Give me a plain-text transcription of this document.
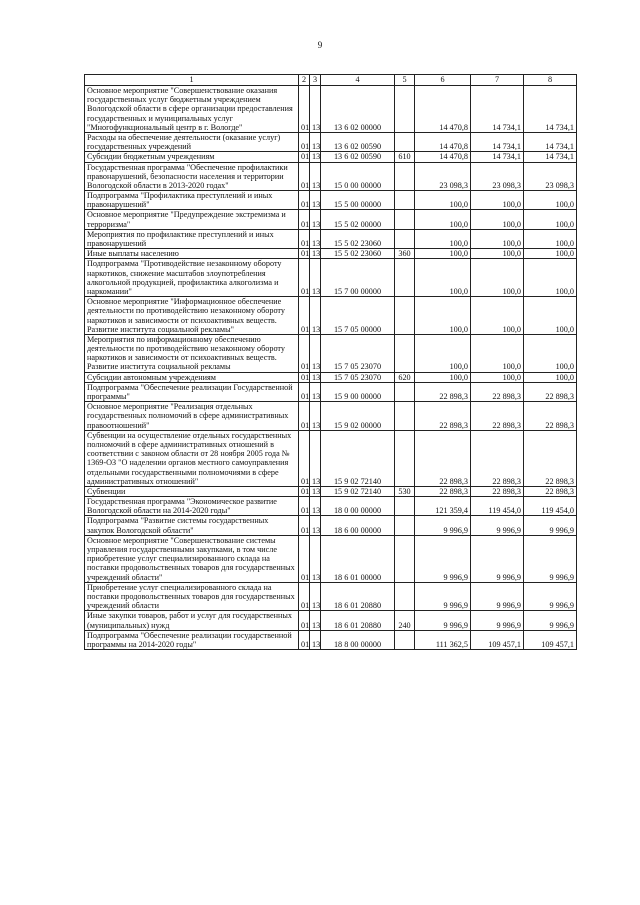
9
1	2	3	4	5	6	7	8
Основное мероприятие "Совершенствование оказания государственных услуг бюджетным учреждением Вологодской области в сфере организации предоставления государственных и муниципальных услуг "Многофункциональный центр в г. Вологде"	01	13	13 6 02 00000		14 470,8	14 734,1	14 734,1
Расходы на обеспечение деятельности (оказание услуг) государственных учреждений	01	13	13 6 02 00590		14 470,8	14 734,1	14 734,1
Субсидии бюджетным учреждениям	01	13	13 6 02 00590	610	14 470,8	14 734,1	14 734,1
Государственная программа "Обеспечение профилактики правонарушений, безопасности населения и территории Вологодской области в 2013-2020 годах"	01	13	15 0 00 00000		23 098,3	23 098,3	23 098,3
Подпрограмма "Профилактика преступлений и иных правонарушений"	01	13	15 5 00 00000		100,0	100,0	100,0
Основное мероприятие "Предупреждение экстремизма и терроризма"	01	13	15 5 02 00000		100,0	100,0	100,0
Мероприятия по профилактике преступлений и иных правонарушений	01	13	15 5 02 23060		100,0	100,0	100,0
Иные выплаты населению	01	13	15 5 02 23060	360	100,0	100,0	100,0
Подпрограмма "Противодействие незаконному обороту наркотиков, снижение масштабов злоупотребления алкогольной продукцией, профилактика алкоголизма и наркомании"	01	13	15 7 00 00000		100,0	100,0	100,0
Основное мероприятие "Информационное обеспечение деятельности по противодействию незаконному обороту наркотиков и зависимости от психоактивных веществ. Развитие института социальной рекламы"	01	13	15 7 05 00000		100,0	100,0	100,0
Мероприятия по информационному обеспечению деятельности по противодействию незаконному обороту наркотиков и зависимости от психоактивных веществ. Развитие института социальной рекламы	01	13	15 7 05 23070		100,0	100,0	100,0
Субсидии автономным учреждениям	01	13	15 7 05 23070	620	100,0	100,0	100,0
Подпрограмма "Обеспечение реализации Государственной программы"	01	13	15 9 00 00000		22 898,3	22 898,3	22 898,3
Основное мероприятие "Реализация отдельных государственных полномочий в сфере административных правоотношений"	01	13	15 9 02 00000		22 898,3	22 898,3	22 898,3
Субвенции на осуществление отдельных государственных полномочий в сфере административных отношений в соответствии с законом области от 28 ноября 2005 года № 1369-ОЗ "О наделении органов местного самоуправления отдельными государственными полномочиями в сфере административных отношений"	01	13	15 9 02 72140		22 898,3	22 898,3	22 898,3
Субвенции	01	13	15 9 02 72140	530	22 898,3	22 898,3	22 898,3
Государственная программа "Экономическое развитие Вологодской области на 2014-2020 годы"	01	13	18 0 00 00000		121 359,4	119 454,0	119 454,0
Подпрограмма "Развитие системы государственных закупок Вологодской области"	01	13	18 6 00 00000		9 996,9	9 996,9	9 996,9
Основное мероприятие "Совершенствование системы управления государственными закупками, в том числе приобретение услуг специализированного склада на поставки продовольственных товаров для государственных учреждений области"	01	13	18 6 01 00000		9 996,9	9 996,9	9 996,9
Приобретение услуг специализированного склада на поставки продовольственных товаров для государственных учреждений области	01	13	18 6 01 20880		9 996,9	9 996,9	9 996,9
Иные закупки товаров, работ и услуг для государственных (муниципальных) нужд	01	13	18 6 01 20880	240	9 996,9	9 996,9	9 996,9
Подпрограмма "Обеспечение реализации государственной программы на 2014-2020 годы"	01	13	18 8 00 00000		111 362,5	109 457,1	109 457,1
